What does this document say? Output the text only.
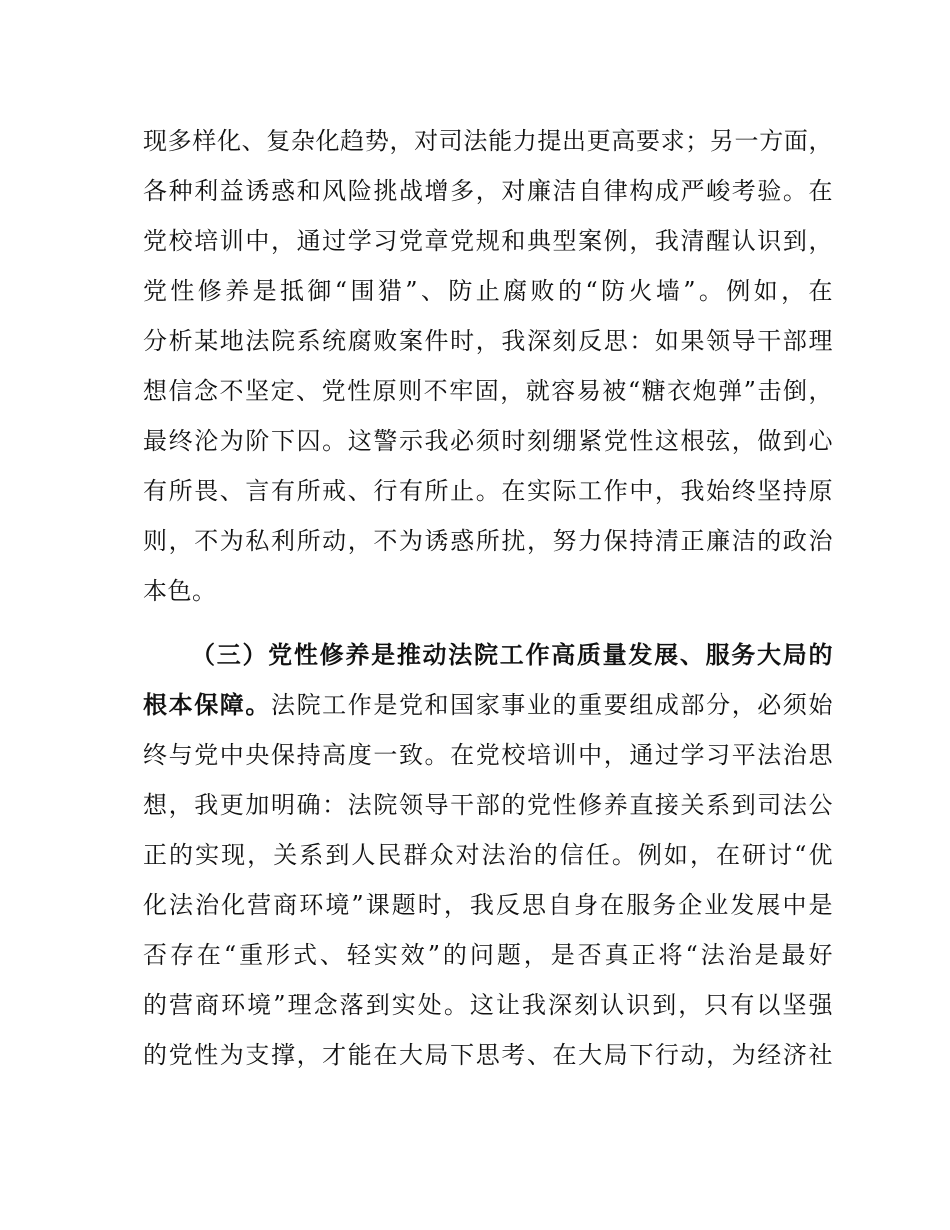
现多样化、复杂化趋势，对司法能力提出更高要求；另一方面，
各种利益诱惑和风险挑战增多，对廉洁自律构成严峻考验。在
党校培训中，通过学习党章党规和典型案例，我清醒认识到，
党性修养是抵御“围猎”、防止腐败的“防火墙”。例如，在
分析某地法院系统腐败案件时，我深刻反思：如果领导干部理
想信念不坚定、党性原则不牢固，就容易被“糖衣炮弹”击倒，
最终沦为阶下囚。这警示我必须时刻绷紧党性这根弦，做到心
有所畏、言有所戒、行有所止。在实际工作中，我始终坚持原
则，不为私利所动，不为诱惑所扰，努力保持清正廉洁的政治
本色。
（三）党性修养是推动法院工作高质量发展、服务大局的
根本保障。法院工作是党和国家事业的重要组成部分，必须始
终与党中央保持高度一致。在党校培训中，通过学习平法治思
想，我更加明确：法院领导干部的党性修养直接关系到司法公
正的实现，关系到人民群众对法治的信任。例如，在研讨“优
化法治化营商环境”课题时，我反思自身在服务企业发展中是
否存在“重形式、轻实效”的问题，是否真正将“法治是最好
的营商环境”理念落到实处。这让我深刻认识到，只有以坚强
的党性为支撑，才能在大局下思考、在大局下行动，为经济社
